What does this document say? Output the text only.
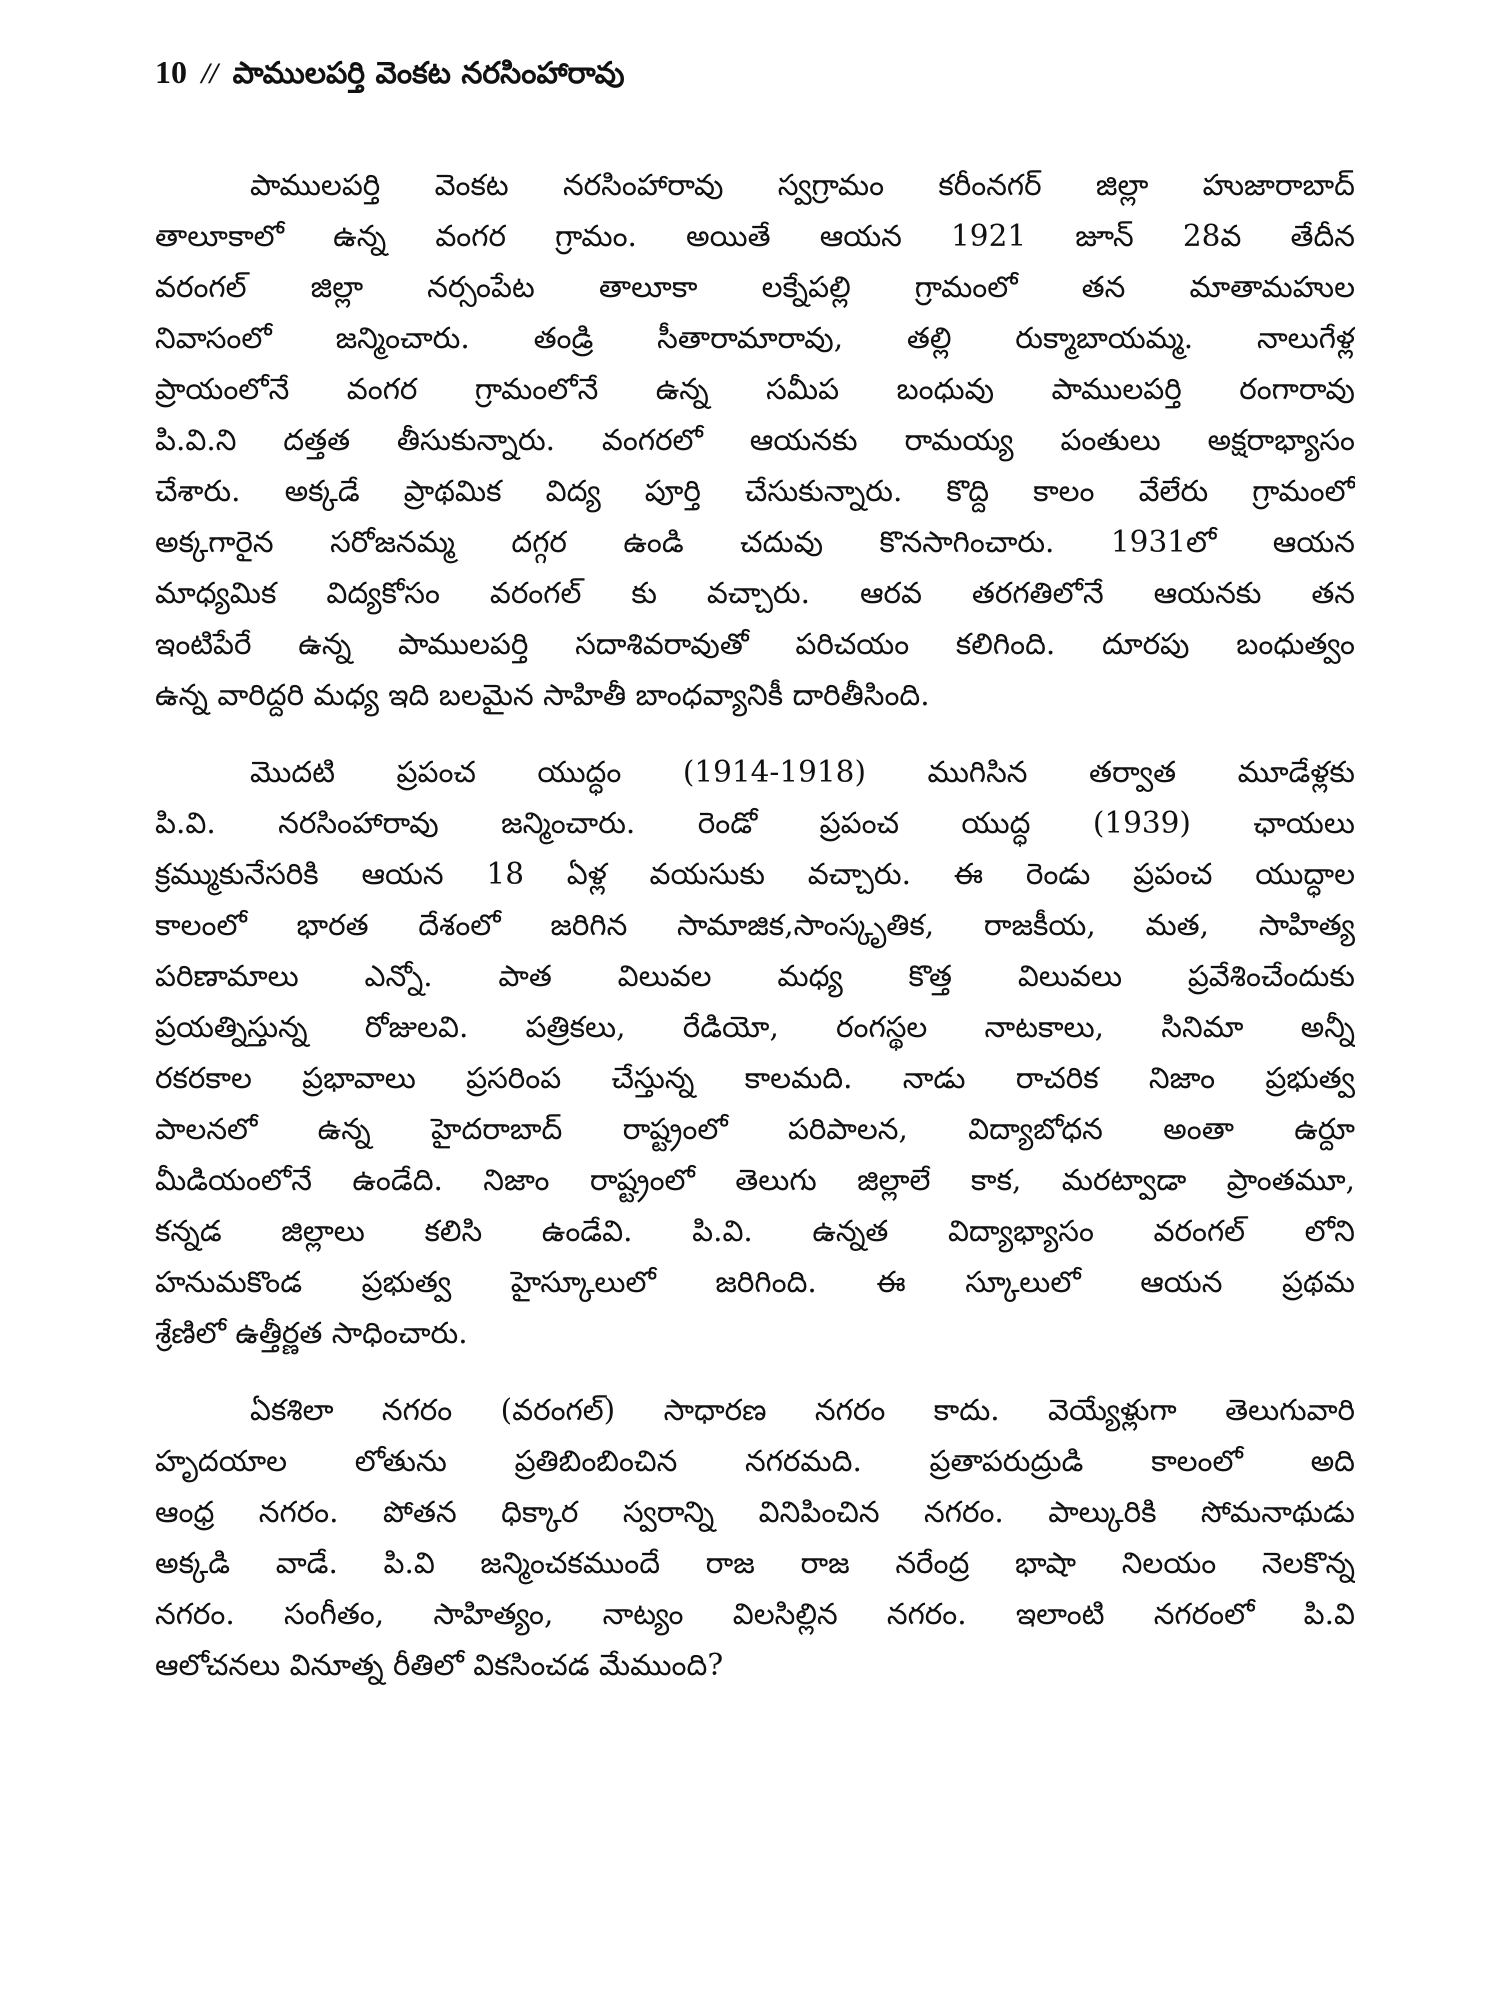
10 // పాములపర్తి వెంకట నరసింహారావు
పాములపర్తి వెంకట నరసింహారావు స్వగ్రామం కరీంనగర్ జిల్లా హుజారాబాద్
తాలూకాలో ఉన్న వంగర గ్రామం. అయితే ఆయన 1921 జూన్ 28వ తేదీన
వరంగల్ జిల్లా నర్సంపేట తాలూకా లక్నేపల్లి గ్రామంలో తన మాతామహుల
నివాసంలో జన్మించారు. తండ్రి సీతారామారావు, తల్లి రుక్మాబాయమ్మ. నాలుగేళ్ల
ప్రాయంలోనే వంగర గ్రామంలోనే ఉన్న సమీప బంధువు పాములపర్తి రంగారావు
పి.వి.ని దత్తత తీసుకున్నారు. వంగరలో ఆయనకు రామయ్య పంతులు అక్షరాభ్యాసం
చేశారు. అక్కడే ప్రాథమిక విద్య పూర్తి చేసుకున్నారు. కొద్ది కాలం వేలేరు గ్రామంలో
అక్కగారైన సరోజనమ్మ దగ్గర ఉండి చదువు కొనసాగించారు. 1931లో ఆయన
మాధ్యమిక విద్యకోసం వరంగల్ కు వచ్చారు. ఆరవ తరగతిలోనే ఆయనకు తన
ఇంటిపేరే ఉన్న పాములపర్తి సదాశివరావుతో పరిచయం కలిగింది. దూరపు బంధుత్వం
ఉన్న వారిద్దరి మధ్య ఇది బలమైన సాహితీ బాంధవ్యానికీ దారితీసింది.
మొదటి ప్రపంచ యుద్ధం (1914-1918) ముగిసిన తర్వాత మూడేళ్లకు
పి.వి. నరసింహారావు జన్మించారు. రెండో ప్రపంచ యుద్ధ (1939) ఛాయలు
క్రమ్ముకునేసరికి ఆయన 18 ఏళ్ల వయసుకు వచ్చారు. ఈ రెండు ప్రపంచ యుద్ధాల
కాలంలో భారత దేశంలో జరిగిన సామాజిక,సాంస్కృతిక, రాజకీయ, మత, సాహిత్య
పరిణామాలు ఎన్నో. పాత విలువల మధ్య కొత్త విలువలు ప్రవేశించేందుకు
ప్రయత్నిస్తున్న రోజులవి. పత్రికలు, రేడియో, రంగస్థల నాటకాలు, సినిమా అన్నీ
రకరకాల ప్రభావాలు ప్రసరింప చేస్తున్న కాలమది. నాడు రాచరిక నిజాం ప్రభుత్వ
పాలనలో ఉన్న హైదరాబాద్ రాష్ట్రంలో పరిపాలన, విద్యాబోధన అంతా ఉర్దూ
మీడియంలోనే ఉండేది. నిజాం రాష్ట్రంలో తెలుగు జిల్లాలే కాక, మరట్వాడా ప్రాంతమూ,
కన్నడ జిల్లాలు కలిసి ఉండేవి. పి.వి. ఉన్నత విద్యాభ్యాసం వరంగల్ లోని
హనుమకొండ ప్రభుత్వ హైస్కూలులో జరిగింది. ఈ స్కూలులో ఆయన ప్రథమ
శ్రేణిలో ఉత్తీర్ణత సాధించారు.
ఏకశిలా నగరం (వరంగల్) సాధారణ నగరం కాదు. వెయ్యేళ్లుగా తెలుగువారి
హృదయాల లోతును ప్రతిబింబించిన నగరమది. ప్రతాపరుద్రుడి కాలంలో అది
ఆంధ్ర నగరం. పోతన ధిక్కార స్వరాన్ని వినిపించిన నగరం. పాల్కురికి సోమనాథుడు
అక్కడి వాడే. పి.వి జన్మించకముందే రాజ రాజ నరేంద్ర భాషా నిలయం నెలకొన్న
నగరం. సంగీతం, సాహిత్యం, నాట్యం విలసిల్లిన నగరం. ఇలాంటి నగరంలో పి.వి
ఆలోచనలు వినూత్న రీతిలో వికసించడ మేముంది?
